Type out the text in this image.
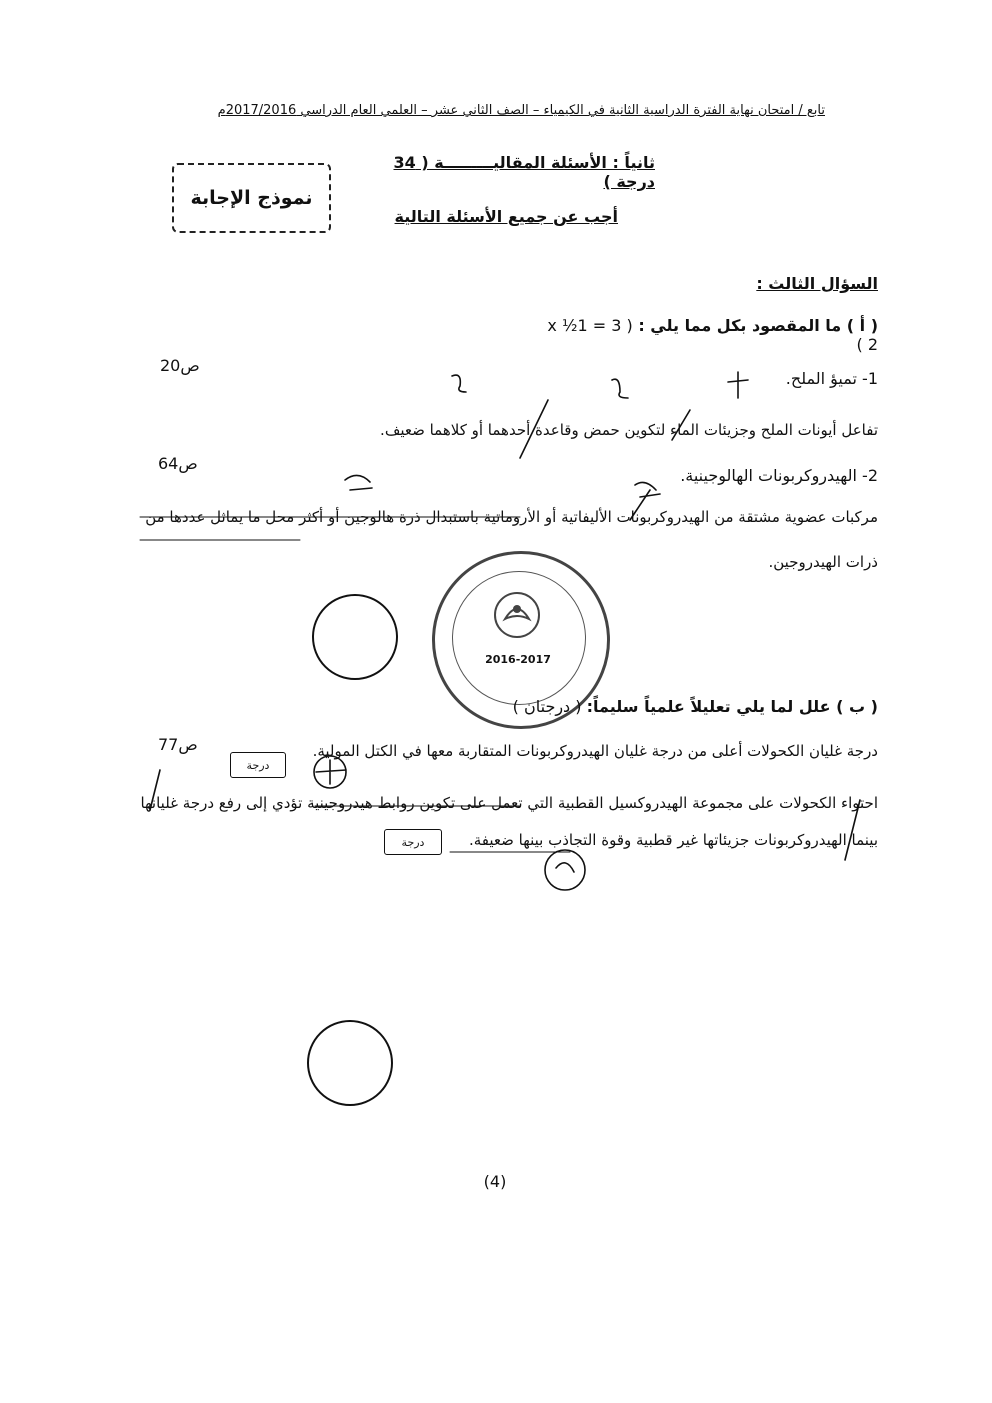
تابع / امتحان نهاية الفترة الدراسية الثانية في الكيمياء – الصف الثاني عشر – العلمي العام الدراسي 2017/2016م
نموذج الإجابة
ثانياً : الأسئلة المقاليـــــــــة ( 34 درجة )
أجب عن جميع الأسئلة التالية
السؤال الثالث :
( أ ) ما المقصود بكل مما يلي : ( 3 = 1½ x 2 )
ص20
1- تميؤ الملح.
تفاعل أيونات الملح وجزيئات الماء لتكوين حمض وقاعدة أحدهما أو كلاهما ضعيف.
ص64
2- الهيدروكربونات الهالوجينية.
مركبات عضوية مشتقة من الهيدروكربونات الأليفاتية أو الأروماتية باستبدال ذرة هالوجين أو أكثر محل ما يماثل عددها من
ذرات الهيدروجين.
2016-2017
( ب ) علل لما يلي تعليلاً علمياً سليماً: ( درجتان )
ص77
درجة
درجة غليان الكحولات أعلى من درجة غليان الهيدروكربونات المتقاربة معها في الكتل المولية.
احتواء الكحولات على مجموعة الهيدروكسيل القطبية التي تعمل على تكوين روابط هيدروجينية تؤدي إلى رفع درجة غليانها
درجة	بينما الهيدروكربونات جزيئاتها غير قطبية وقوة التجاذب بينها ضعيفة.
(4)
